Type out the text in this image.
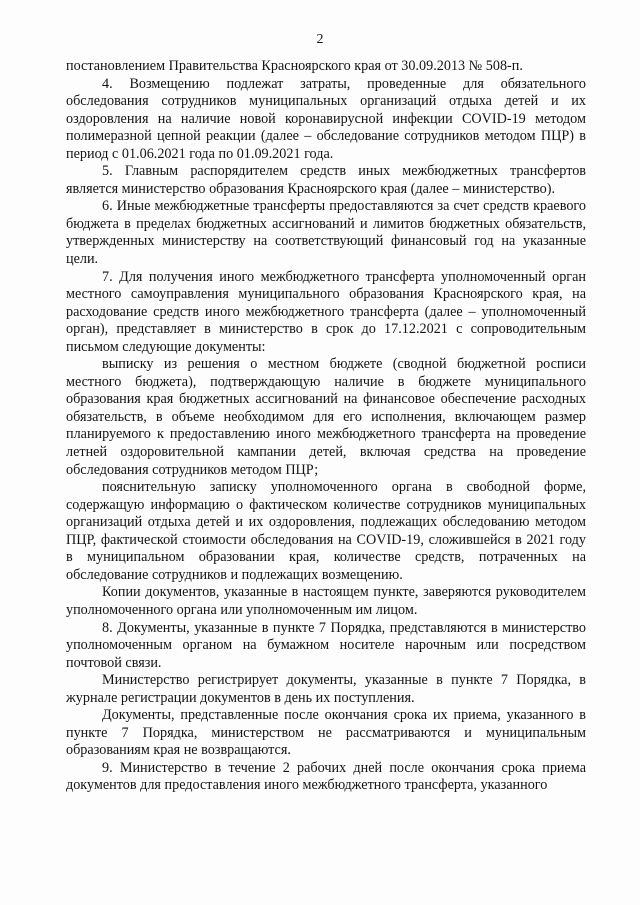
2

постановлением Правительства Красноярского края от 30.09.2013 № 508-п.

4. Возмещению подлежат затраты, проведенные для обязательного обследования сотрудников муниципальных организаций отдыха детей и их оздоровления на наличие новой коронавирусной инфекции COVID-19 методом полимеразной цепной реакции (далее – обследование сотрудников методом ПЦР) в период с 01.06.2021 года по 01.09.2021 года.

5. Главным распорядителем средств иных межбюджетных трансфертов является министерство образования Красноярского края (далее – министерство).

6. Иные межбюджетные трансферты предоставляются за счет средств краевого бюджета в пределах бюджетных ассигнований и лимитов бюджетных обязательств, утвержденных министерству на соответствующий финансовый год на указанные цели.

7. Для получения иного межбюджетного трансферта уполномоченный орган местного самоуправления муниципального образования Красноярского края, на расходование средств иного межбюджетного трансферта (далее – уполномоченный орган), представляет в министерство в срок до 17.12.2021 с сопроводительным письмом следующие документы:

выписку из решения о местном бюджете (сводной бюджетной росписи местного бюджета), подтверждающую наличие в бюджете муниципального образования края бюджетных ассигнований на финансовое обеспечение расходных обязательств, в объеме необходимом для его исполнения, включающем размер планируемого к предоставлению иного межбюджетного трансферта на проведение летней оздоровительной кампании детей, включая средства на проведение обследования сотрудников методом ПЦР;

пояснительную записку уполномоченного органа в свободной форме, содержащую информацию о фактическом количестве сотрудников муниципальных организаций отдыха детей и их оздоровления, подлежащих обследованию методом ПЦР, фактической стоимости обследования на COVID-19, сложившейся в 2021 году в муниципальном образовании края, количестве средств, потраченных на обследование сотрудников и подлежащих возмещению.

Копии документов, указанные в настоящем пункте, заверяются руководителем уполномоченного органа или уполномоченным им лицом.

8. Документы, указанные в пункте 7 Порядка, представляются в министерство уполномоченным органом на бумажном носителе нарочным или посредством почтовой связи.

Министерство регистрирует документы, указанные в пункте 7 Порядка, в журнале регистрации документов в день их поступления.

Документы, представленные после окончания срока их приема, указанного в пункте 7 Порядка, министерством не рассматриваются и муниципальным образованиям края не возвращаются.

9. Министерство в течение 2 рабочих дней после окончания срока приема документов для предоставления иного межбюджетного трансферта, указанного
